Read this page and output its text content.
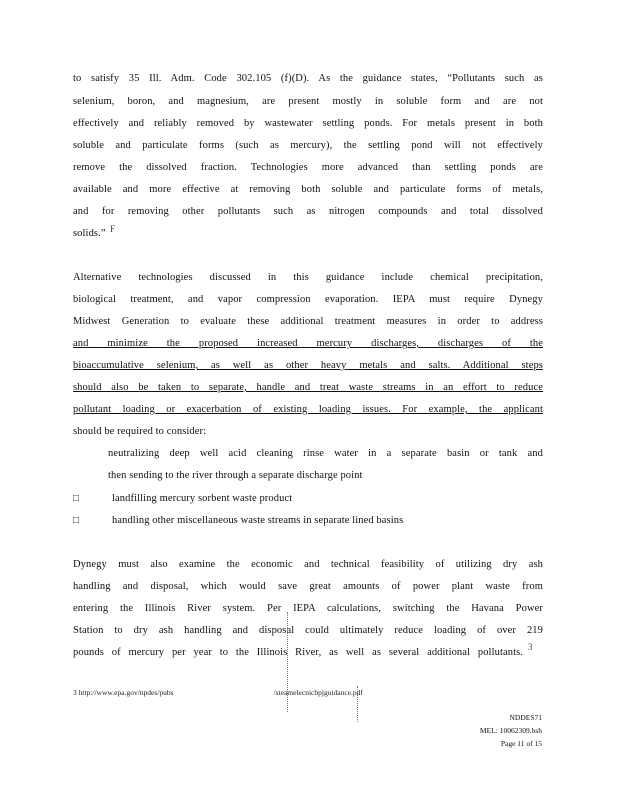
to satisfy 35 Ill. Adm. Code 302.105 (f)(D). As the guidance states, “Pollutants such as
selenium, boron, and magnesium, are present mostly in soluble form and are not
effectively and reliably removed by wastewater settling ponds. For metals present in both
soluble and particulate forms (such as mercury), the settling pond will not effectively
remove the dissolved fraction. Technologies more advanced than settling ponds are
available and more effective at removing both soluble and particulate forms of metals,
and for removing other pollutants such as nitrogen compounds and total dissolved
solids.” F
Alternative technologies discussed in this guidance include chemical precipitation,
biological treatment, and vapor compression evaporation. IEPA must require Dynegy
Midwest Generation to evaluate these additional treatment measures in order to address
and minimize the proposed increased mercury discharges, discharges of the
bioaccumulative selenium, as well as other heavy metals and salts. Additional steps
should also be taken to separate, handle and treat waste streams in an effort to reduce
pollutant loading or exacerbation of existing loading issues. For example, the applicant
should be required to consider:
neutralizing deep well acid cleaning rinse water in a separate basin or tank and
then sending to the river through a separate discharge point
□	landfilling mercury sorbent waste product
□	handling other miscellaneous waste streams in separate lined basins
Dynegy must also examine the economic and technical feasibility of utilizing dry ash
handling and disposal, which would save great amounts of power plant waste from
entering the Illinois River system. Per IEPA calculations, switching the Havana Power
Station to dry ash handling and disposal could ultimately reduce loading of over 219
pounds of mercury per year to the Illinois River, as well as several additional pollutants. 3
3 http://www.epa.gov/npdes/pubs	/steamelecnicbpjguidance.pdf
NDDES71
MEL: 10062309.bsh
Page 11 of 15
